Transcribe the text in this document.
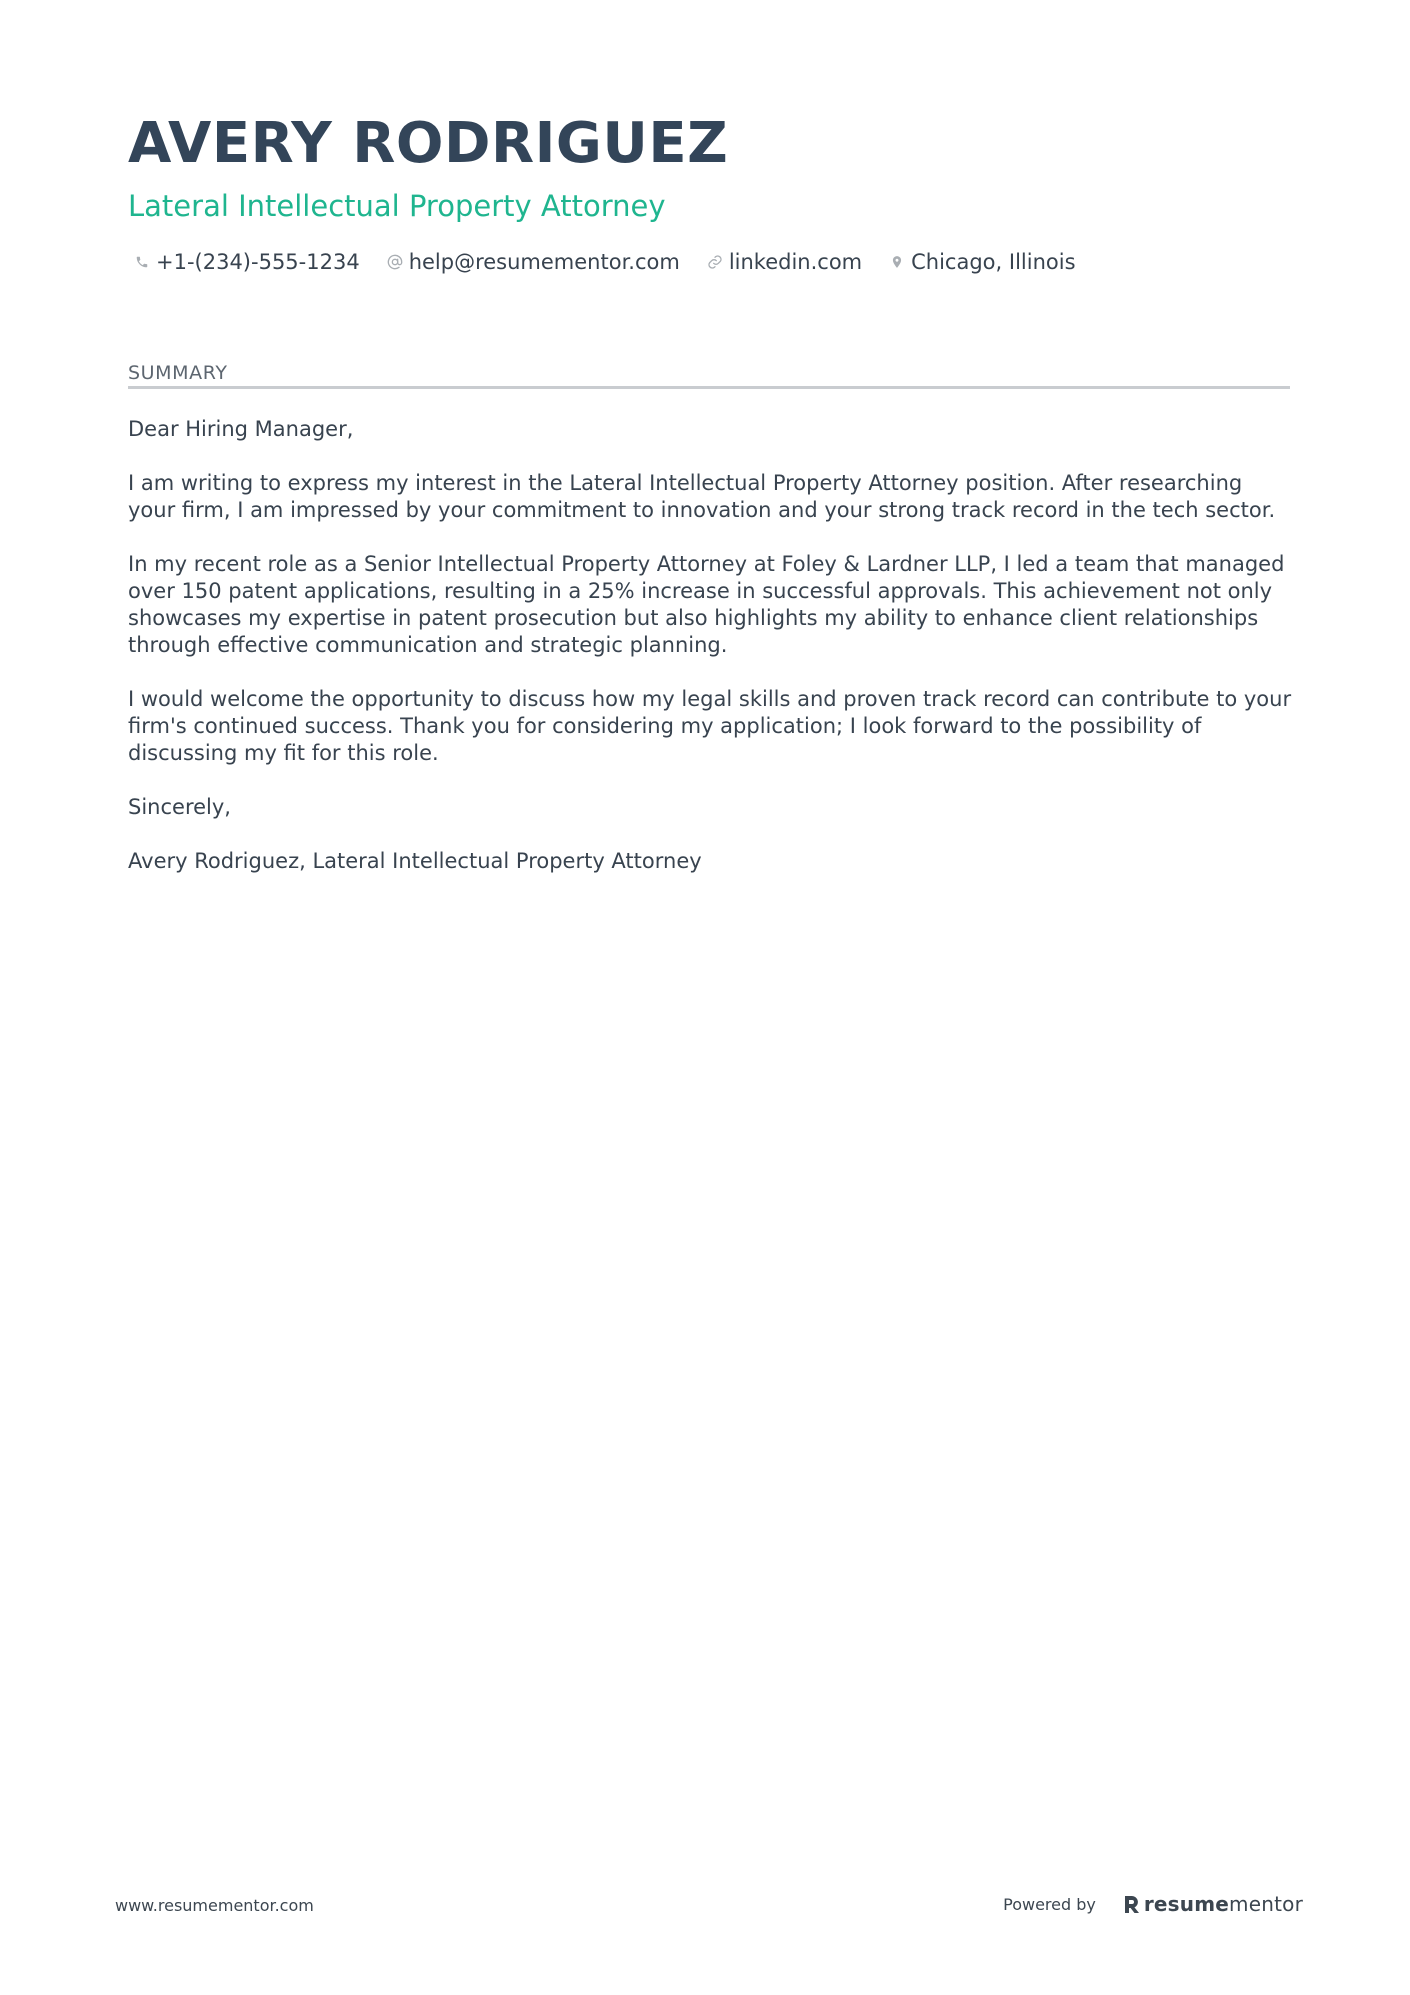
AVERY RODRIGUEZ
Lateral Intellectual Property Attorney
+1-(234)-555-1234 help@resumementor.com linkedin.com Chicago, Illinois
SUMMARY

Dear Hiring Manager,

I am writing to express my interest in the Lateral Intellectual Property Attorney position. After researching your firm, I am impressed by your commitment to innovation and your strong track record in the tech sector.

In my recent role as a Senior Intellectual Property Attorney at Foley & Lardner LLP, I led a team that managed over 150 patent applications, resulting in a 25% increase in successful approvals. This achievement not only showcases my expertise in patent prosecution but also highlights my ability to enhance client relationships through effective communication and strategic planning.

I would welcome the opportunity to discuss how my legal skills and proven track record can contribute to your firm's continued success. Thank you for considering my application; I look forward to the possibility of discussing my fit for this role.

Sincerely,

Avery Rodriguez, Lateral Intellectual Property Attorney

www.resumementor.com	Powered by resumementor
